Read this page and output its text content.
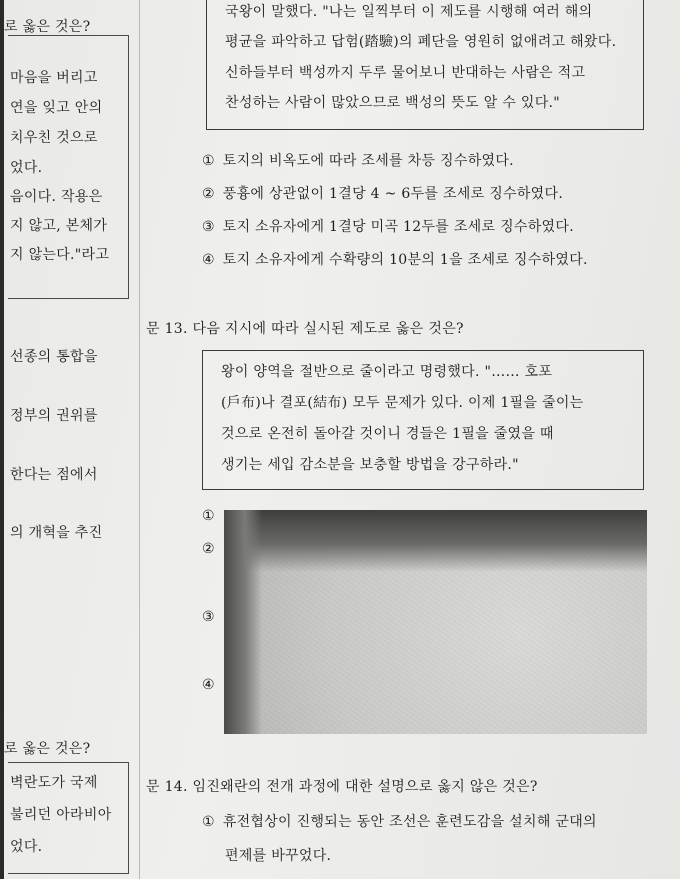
로 옳은 것은?
마음을 버리고
연을 잊고 안의
치우친 것으로
었다.
음이다. 작용은
지 않고, 본체가
지 않는다."라고
선종의 통합을
정부의 권위를
한다는 점에서
의 개혁을 추진
로 옳은 것은?
벽란도가 국제
불리던 아라비아
었다.
국왕이 말했다. "나는 일찍부터 이 제도를 시행해 여러 해의
평균을 파악하고 답험(踏驗)의 폐단을 영원히 없애려고 해왔다.
신하들부터 백성까지 두루 물어보니 반대하는 사람은 적고
찬성하는 사람이 많았으므로 백성의 뜻도 알 수 있다."
① 토지의 비옥도에 따라 조세를 차등 징수하였다.
② 풍흉에 상관없이 1결당 4 ~ 6두를 조세로 징수하였다.
③ 토지 소유자에게 1결당 미곡 12두를 조세로 징수하였다.
④ 토지 소유자에게 수확량의 10분의 1을 조세로 징수하였다.
문 13. 다음 지시에 따라 실시된 제도로 옳은 것은?
왕이 양역을 절반으로 줄이라고 명령했다. "…… 호포
(戶布)나 결포(結布) 모두 문제가 있다. 이제 1필을 줄이는
것으로 온전히 돌아갈 것이니 경들은 1필을 줄였을 때
생기는 세입 감소분을 보충할 방법을 강구하라."
①
②
③
④
문 14. 임진왜란의 전개 과정에 대한 설명으로 옳지 않은 것은?
① 휴전협상이 진행되는 동안 조선은 훈련도감을 설치해 군대의
편제를 바꾸었다.
